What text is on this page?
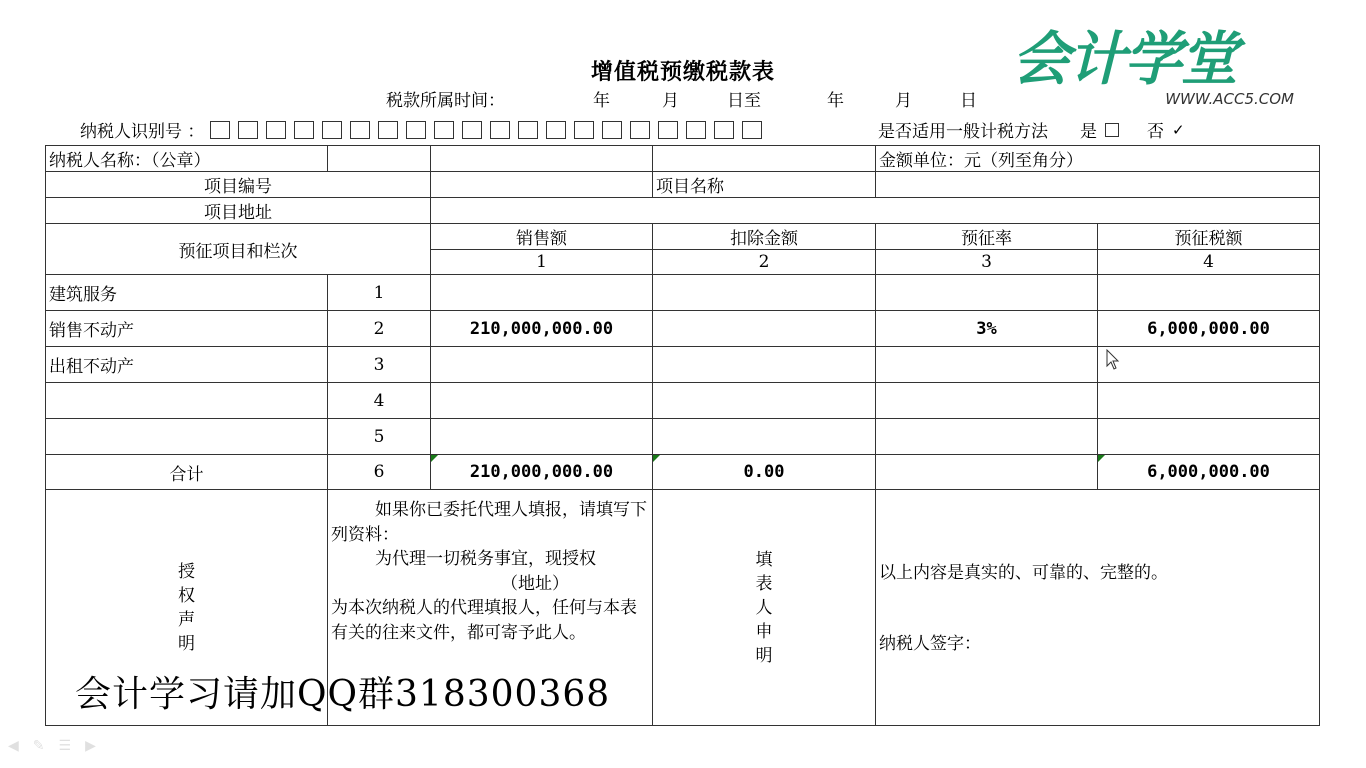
增值税预缴税款表
税款所属时间：	年	月	日至	年	月	日
会计学堂
WWW.ACC5.COM
纳税人识别号 ：	是否适用一般计税方法 是	否 ✓
纳税人名称：（公章）				金额单位：元（列至角分）	
项目编号			项目名称		
项目地址					
预征项目和栏次		销售额	扣除金额	预征率	预征税额
		1	2	3	4
建筑服务	1				
销售不动产	2	210,000,000.00		3%	6,000,000.00
出租不动产	3				
	4				
	5				
合计	6	210,000,000.00	0.00		6,000,000.00

授
权
声
明

如果你已委托代理人填报，请填写下列资料：
为代理一切税务事宜，现授权
（地址）
为本次纳税人的代理填报人，任何与本表有关的往来文件，都可寄予此人。

填
表
人
申
明

以上内容是真实的、可靠的、完整的。
纳税人签字：
会计学习请加QQ群318300368
◀ ✎ ☰ ▶
